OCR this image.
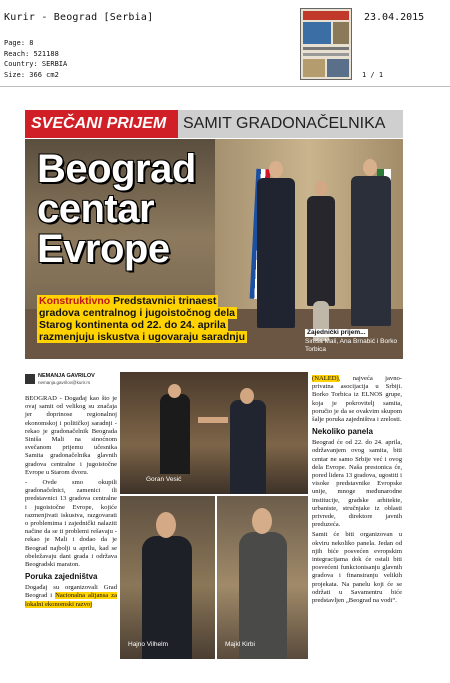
Kurir - Beograd [Serbia]	23.04.2015
Page: 8
Reach: 521188
Country: SERBIA
Size: 366 cm2	1 / 1
SVEČANI PRIJEM	SAMIT GRADONAČELNIKA
Beograd
centar
Evrope
Konstruktivno Predstavnici trinaest
gradova centralnog i jugoistočnog dela
Starog kontinenta od 22. do 24. aprila
razmenjuju iskustva i ugovaraju saradnju	Zajednički prijem...
Siniša Mali, Ana Brnabić i Borko Torbica
NEMANJA GAVRILOV
nemanja.gavrilov@kurir.rs

BEOGRAD - Događaj kao što je ovaj samit od velikog su značaja jer doprinose regionalnoj ekonomskoj i političkoj saradnji - rekao je gradonačelnik Beograda Siniša Mali na sinoćnom svečanom prijemu učesnika Samita gradonačelnika glavnih gradova centralne i jugoistočne Evrope u Starom dvoru.

- Ovde smo okupili gradonačelnici, zamenici ili predstavnici 13 gradova centralne i jugoistočne Evrope, kojiće razmenjivati iskustva, razgovarati o problemima i zajednički nalaziti načine da se ti problemi rešavaju - rekao je Mali i dodao da je Beograd najbolji u aprilu, kad se obeležavaju dani grada i održava Beogradski maraton.

Poruka zajedništva

Događaj su organizovali Grad Beograd i Nacionalna alijansa za lokalni ekonomski razvoj

Goran Vesić
Hajno Vilhelm	Majkl Kirbi

(NALED), najveća javno-privatna asocijacija u Srbiji. Borko Torbica iz ELNOS grupe, koja je pokrovitelj samita, poručio je da se ovakvim skupom šalje poruka zajedništva i zrelosti.

Nekoliko panela

Beograd će od 22. do 24. aprila, održavanjem ovog samita, biti centar ne samo Srbije već i ovog dela Evrope. Naša prestonica će, pored lidera 13 gradova, ugostiti i visoke predstavnike Evropske unije, mnoge međunarodne institucije, gradske arhitekte, urbaniste, stručnjake iz oblasti privrede, direktore javnih preduzeća.

Samit će biti organizovan u okviru nekoliko panela. Jedan od njih biće posvećen evropskim integracijama dok će ostali biti posvećeni funkcionisanju glavnih gradova i finansiranju velikih projekata. Na panelu koji će se održati u Savamentru biće predstavljen „Beograd na vodi“.
